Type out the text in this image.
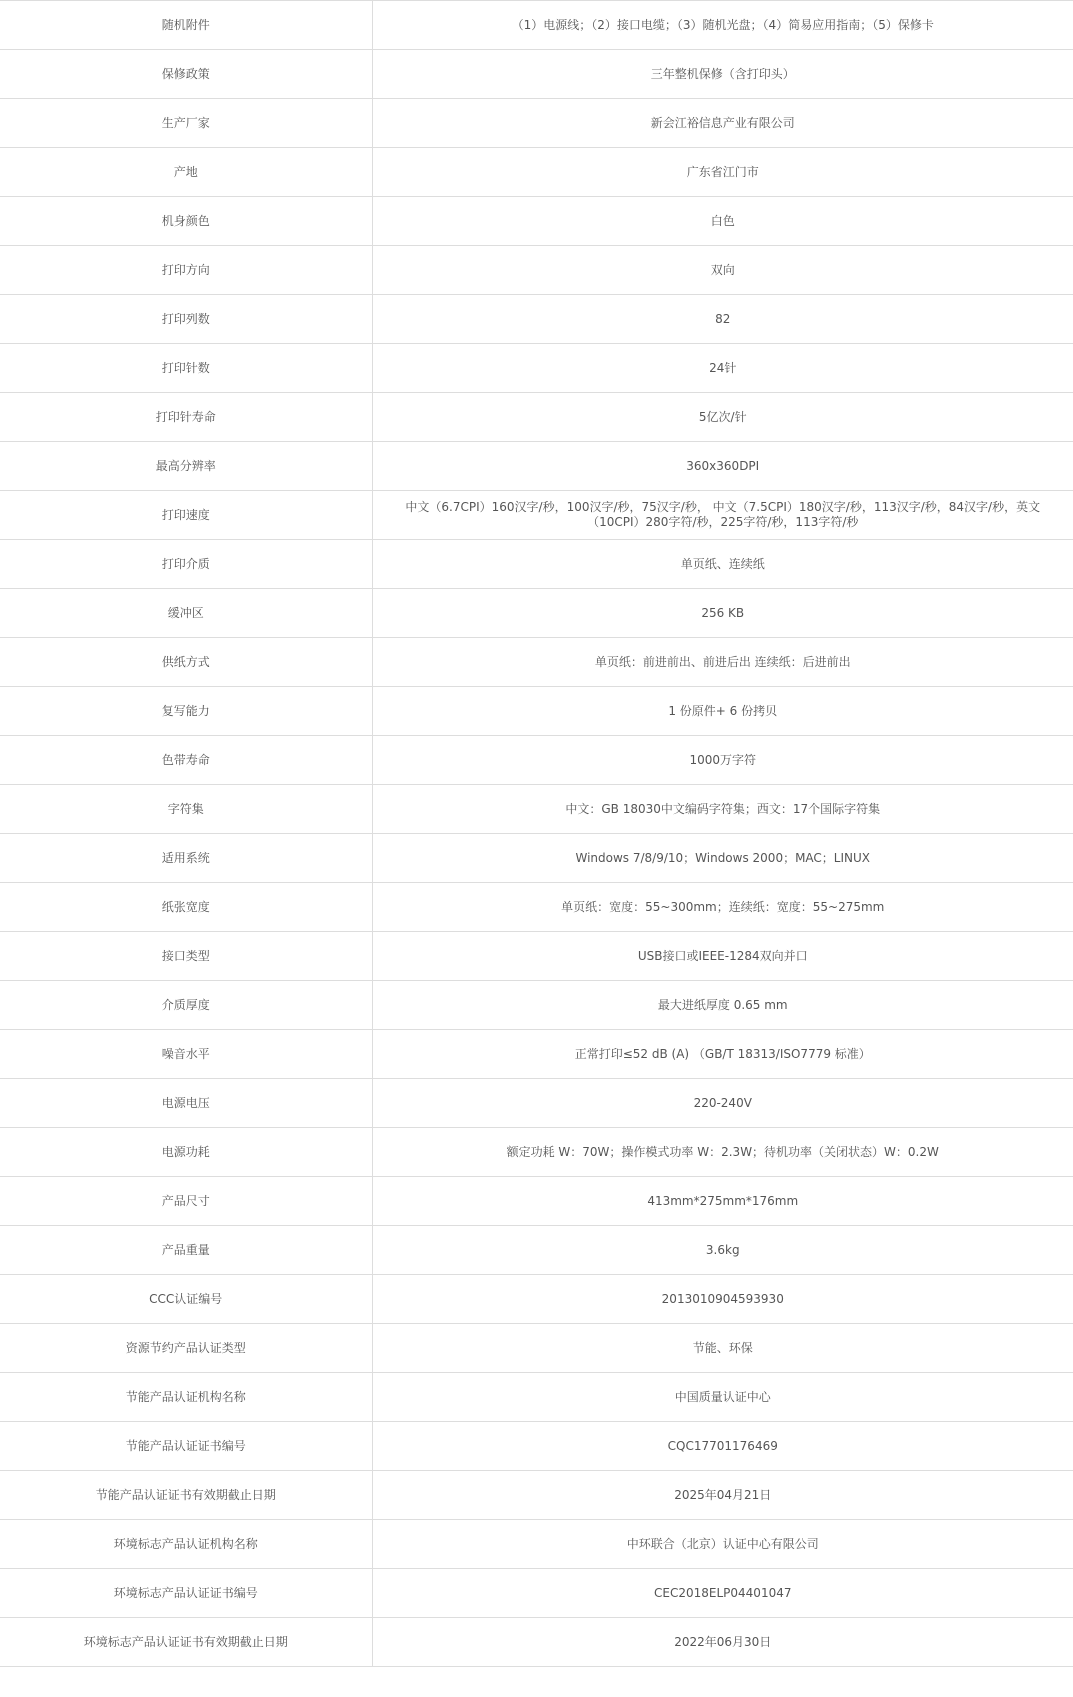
随机附件	（1）电源线；（2）接口电缆；（3）随机光盘；（4）简易应用指南；（5）保修卡
保修政策	三年整机保修（含打印头）
生产厂家	新会江裕信息产业有限公司
产地	广东省江门市
机身颜色	白色
打印方向	双向
打印列数	82
打印针数	24针
打印针寿命	5亿次/针
最高分辨率	360x360DPI
打印速度	中文（6.7CPI）160汉字/秒，100汉字/秒，75汉字/秒， 中文（7.5CPI）180汉字/秒，113汉字/秒，84汉字/秒，英文（10CPI）280字符/秒，225字符/秒，113字符/秒
打印介质	单页纸、连续纸
缓冲区	256 KB
供纸方式	单页纸：前进前出、前进后出 连续纸：后进前出
复写能力	1 份原件+ 6 份拷贝
色带寿命	1000万字符
字符集	中文：GB 18030中文编码字符集；西文：17个国际字符集
适用系统	Windows 7/8/9/10；Windows 2000；MAC；LINUX
纸张宽度	单页纸：宽度：55~300mm；连续纸：宽度：55~275mm
接口类型	USB接口或IEEE-1284双向并口
介质厚度	最大进纸厚度 0.65 mm
噪音水平	正常打印≤52 dB (A) （GB/T 18313/ISO7779 标准）
电源电压	220-240V
电源功耗	额定功耗 W：70W；操作模式功率 W：2.3W；待机功率（关闭状态）W：0.2W
产品尺寸	413mm*275mm*176mm
产品重量	3.6kg
CCC认证编号	2013010904593930
资源节约产品认证类型	节能、环保
节能产品认证机构名称	中国质量认证中心
节能产品认证证书编号	CQC17701176469
节能产品认证证书有效期截止日期	2025年04月21日
环境标志产品认证机构名称	中环联合（北京）认证中心有限公司
环境标志产品认证证书编号	CEC2018ELP04401047
环境标志产品认证证书有效期截止日期	2022年06月30日
